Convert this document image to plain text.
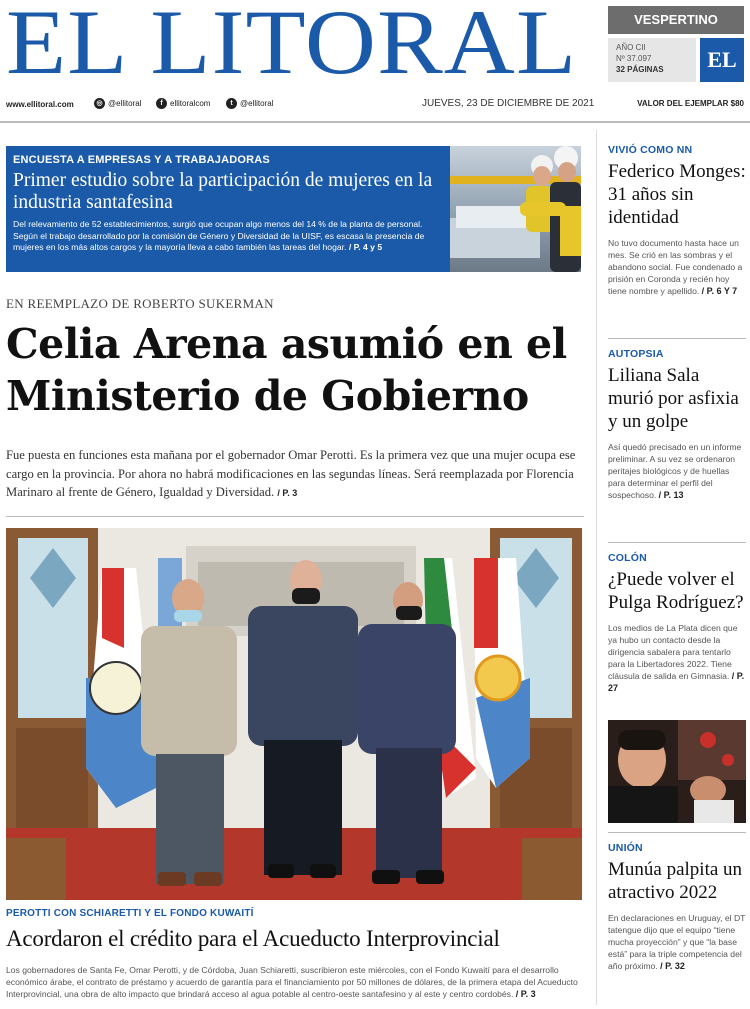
EL LITORAL	VESPERTINO
AÑO CII
Nº 37.097
32 PÁGINAS	EL
www.ellitoral.com	◎ @ellitoral	f ellitoralcom	t @ellitoral	JUEVES, 23 DE DICIEMBRE DE 2021	VALOR DEL EJEMPLAR $80
ENCUESTA A EMPRESAS Y A TRABAJADORAS
Primer estudio sobre la participación de mujeres en la industria santafesina
Del relevamiento de 52 establecimientos, surgió que ocupan algo menos del 14 % de la planta de personal. Según el trabajo desarrollado por la comisión de Género y Diversidad de la UISF, es escasa la presencia de mujeres en los más altos cargos y la mayoría lleva a cabo también las tareas del hogar. / P. 4 y 5
EN REEMPLAZO DE ROBERTO SUKERMAN
Celia Arena asumió en el Ministerio de Gobierno
Fue puesta en funciones esta mañana por el gobernador Omar Perotti. Es la primera vez que una mujer ocupa ese cargo en la provincia. Por ahora no habrá modificaciones en las segundas líneas. Será reemplazada por Florencia Marinaro al frente de Género, Igualdad y Diversidad. / P. 3
PEROTTI CON SCHIARETTI Y EL FONDO KUWAITÍ
Acordaron el crédito para el Acueducto Interprovincial
Los gobernadores de Santa Fe, Omar Perotti, y de Córdoba, Juan Schiaretti, suscribieron este miércoles, con el Fondo Kuwaití para el desarrollo económico árabe, el contrato de préstamo y acuerdo de garantía para el financiamiento por 50 millones de dólares, de la primera etapa del Acueducto Interprovincial, una obra de alto impacto que brindará acceso al agua potable al centro-oeste santafesino y al este y centro cordobés. / P. 3
VIVIÓ COMO NN
Federico Monges: 31 años sin identidad
No tuvo documento hasta hace un mes. Se crió en las sombras y el abandono social. Fue condenado a prisión en Coronda y recién hoy tiene nombre y apellido. / P. 6 Y 7
AUTOPSIA
Liliana Sala murió por asfixia y un golpe
Así quedó precisado en un informe preliminar. A su vez se ordenaron peritajes biológicos y de huellas para determinar el perfil del sospechoso. / P. 13
COLÓN
¿Puede volver el Pulga Rodríguez?
Los medios de La Plata dicen que ya hubo un contacto desde la dirigencia sabalera para tentarlo para la Libertadores 2022. Tiene cláusula de salida en Gimnasia. / P. 27
UNIÓN
Munúa palpita un atractivo 2022
En declaraciones en Uruguay, el DT tatengue dijo que el equipo “tiene mucha proyección” y que “la base está” para la triple competencia del año próximo. / P. 32
